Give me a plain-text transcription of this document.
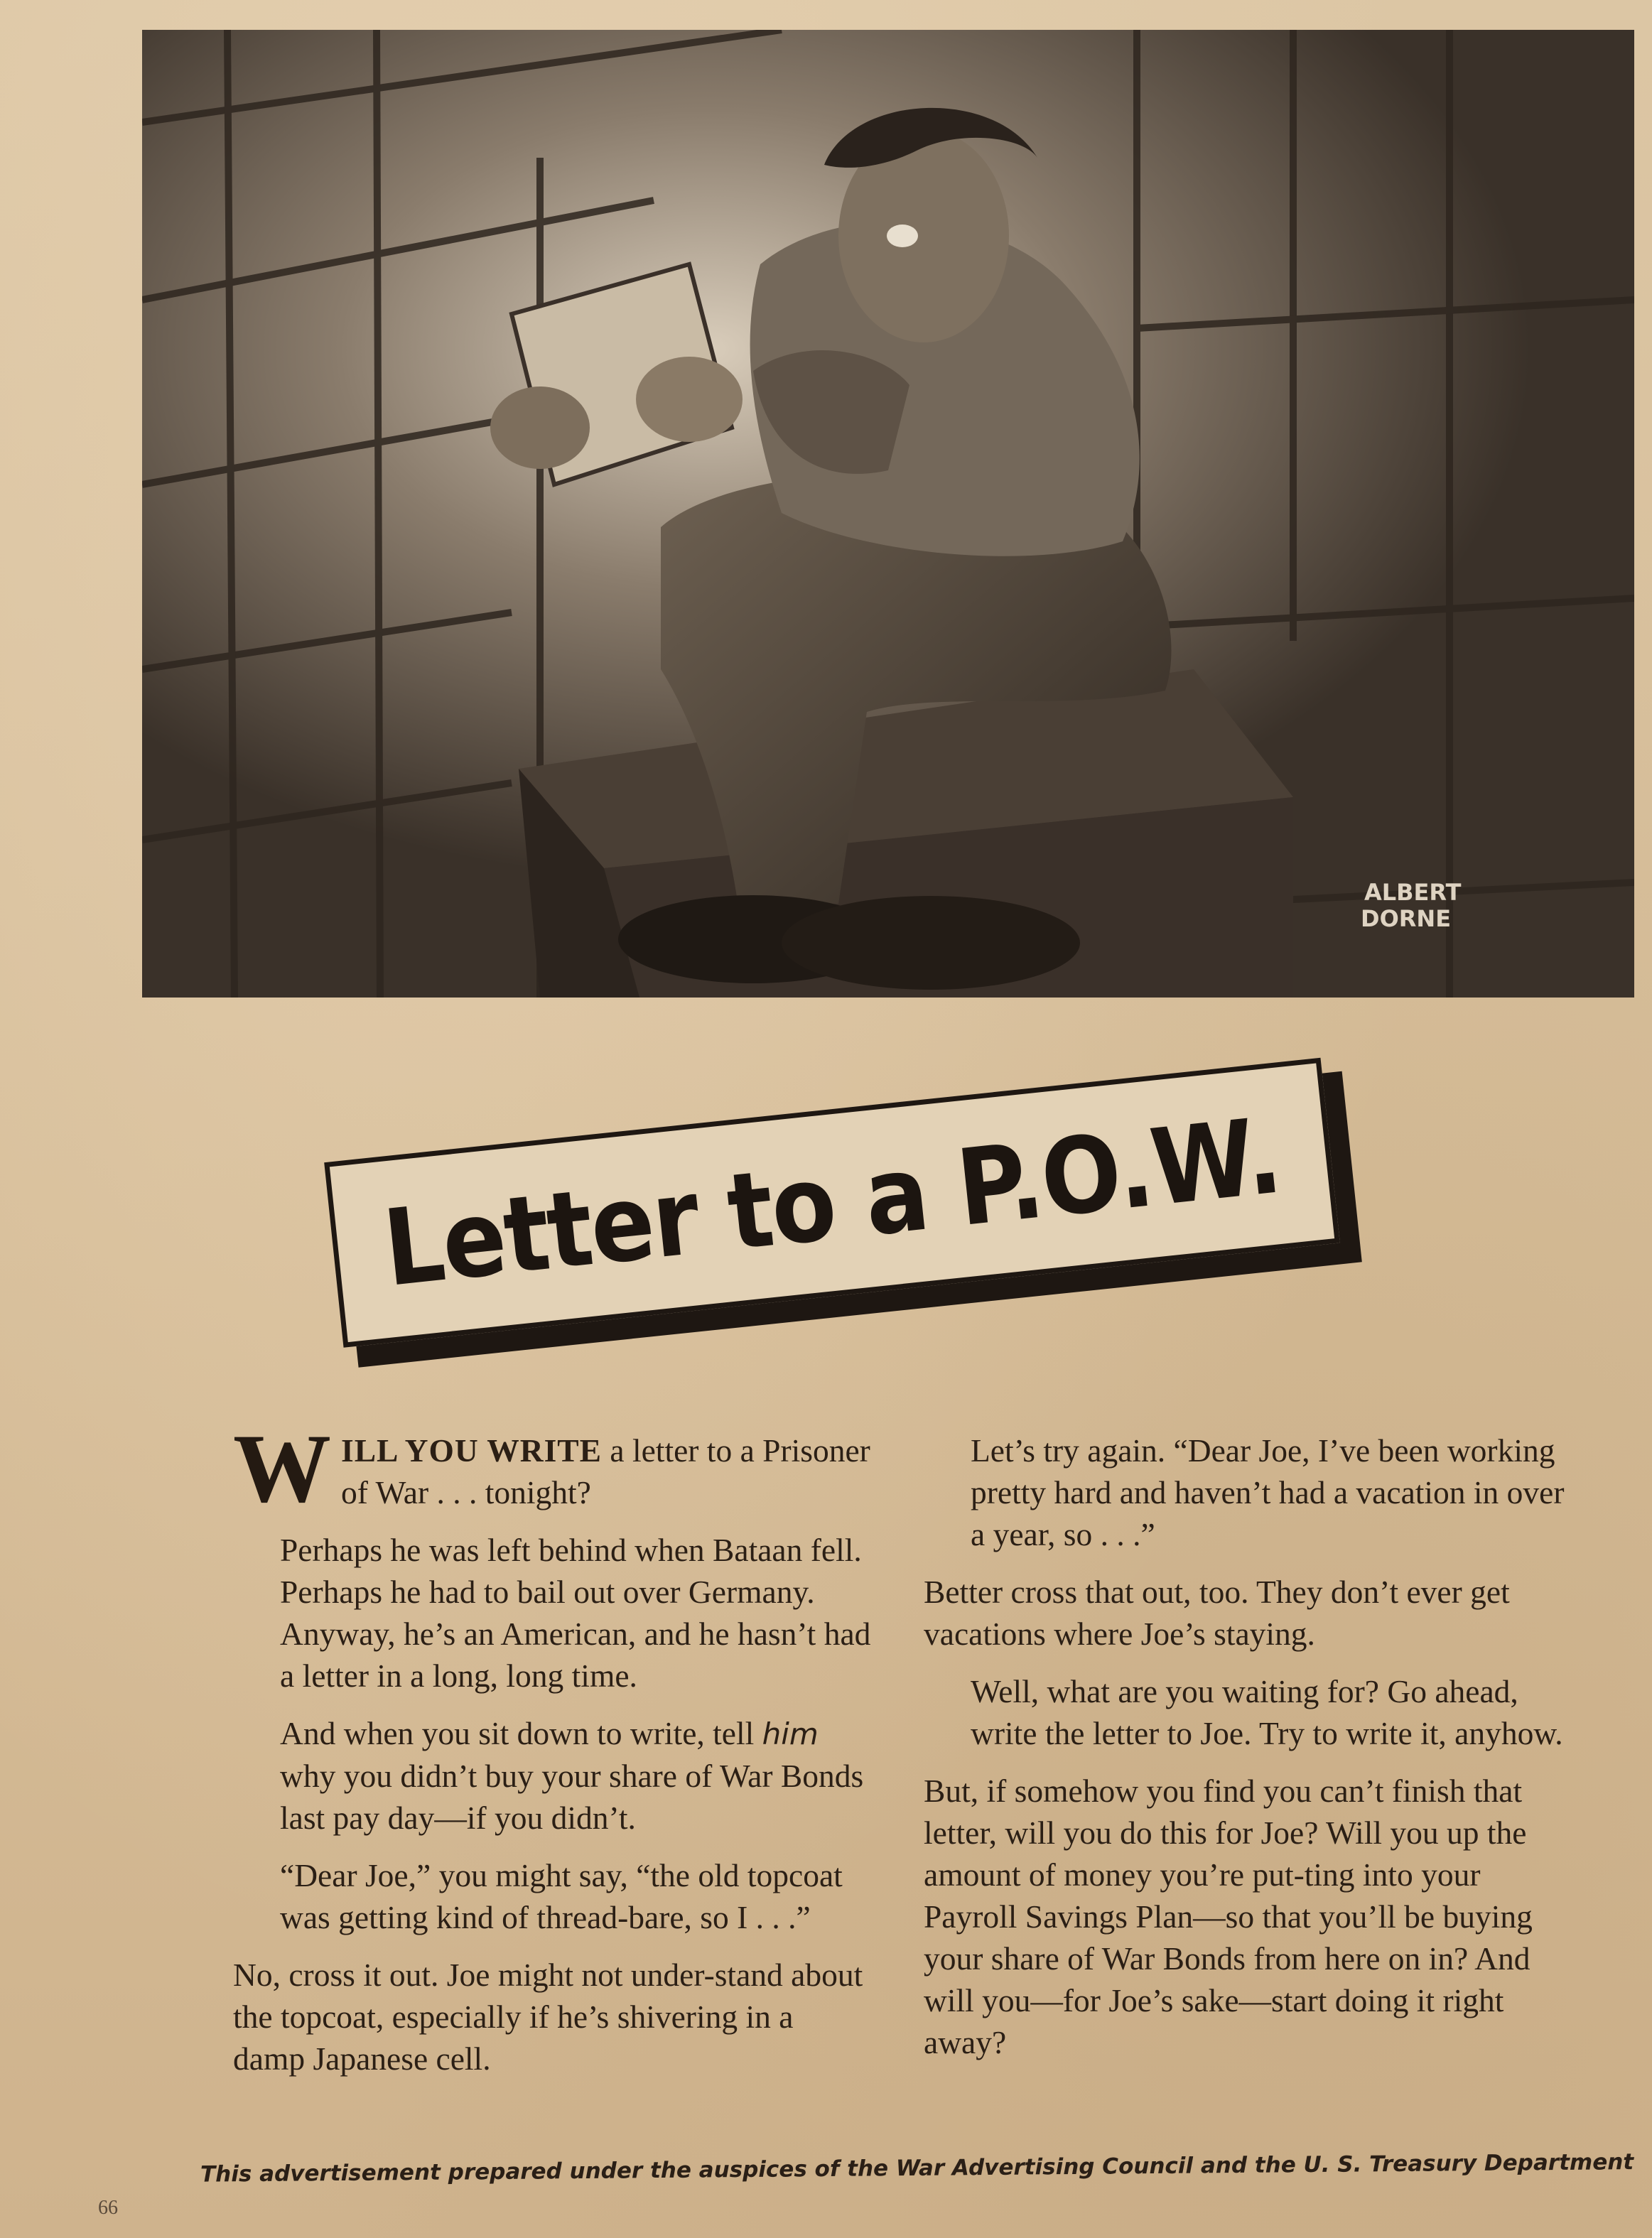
ALBERT
DORNE
Letter to a P.O.W.

WILL YOU WRITE a letter to a Prisoner of War . . . tonight?

Perhaps he was left behind when Bataan fell. Perhaps he had to bail out over Germany. Anyway, he’s an American, and he hasn’t had a letter in a long, long time.

And when you sit down to write, tell him why you didn’t buy your share of War Bonds last pay day—if you didn’t.

“Dear Joe,” you might say, “the old topcoat was getting kind of thread-bare, so I . . .”

No, cross it out. Joe might not under-stand about the topcoat, especially if he’s shivering in a damp Japanese cell.

Let’s try again. “Dear Joe, I’ve been working pretty hard and haven’t had a vacation in over a year, so . . .”

Better cross that out, too. They don’t ever get vacations where Joe’s staying.

Well, what are you waiting for? Go ahead, write the letter to Joe. Try to write it, anyhow.

But, if somehow you find you can’t finish that letter, will you do this for Joe? Will you up the amount of money you’re put-ting into your Payroll Savings Plan—so that you’ll be buying your share of War Bonds from here on in? And will you—for Joe’s sake—start doing it right away?

This advertisement prepared under the auspices of the War Advertising Council and the U. S. Treasury Department
66
